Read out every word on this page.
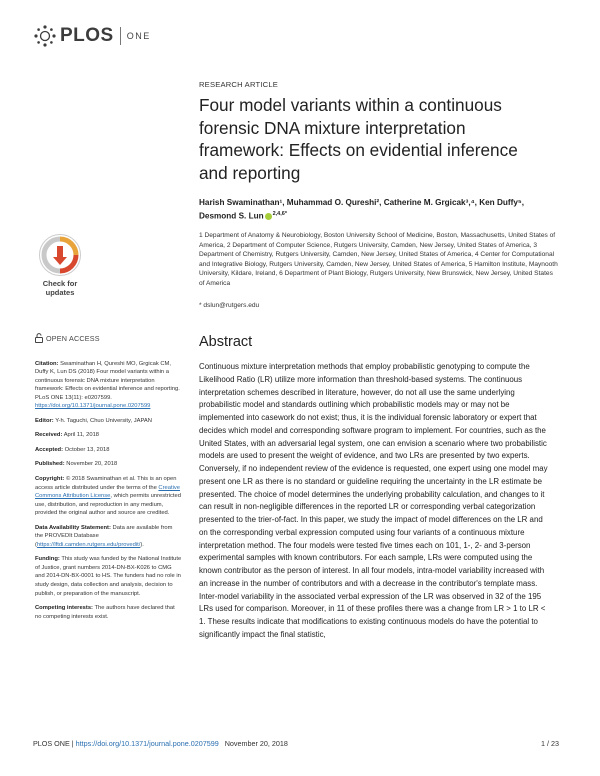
PLOS ONE
Check for
updates
OPEN ACCESS

Citation: Swaminathan H, Qureshi MO, Grgicak CM, Duffy K, Lun DS (2018) Four model variants within a continuous forensic DNA mixture interpretation framework: Effects on evidential inference and reporting. PLoS ONE 13(11): e0207599. https://doi.org/10.1371/journal.pone.0207599

Editor: Y-h. Taguchi, Chuo University, JAPAN

Received: April 11, 2018

Accepted: October 13, 2018

Published: November 20, 2018

Copyright: © 2018 Swaminathan et al. This is an open access article distributed under the terms of the Creative Commons Attribution License, which permits unrestricted use, distribution, and reproduction in any medium, provided the original author and source are credited.

Data Availability Statement: Data are available from the PROVEDIt Database (https://lftdi.camden.rutgers.edu/provedit/).

Funding: This study was funded by the National Institute of Justice, grant numbers 2014-DN-BX-K026 to CMG and 2014-DN-BX-0001 to HS. The funders had no role in study design, data collection and analysis, decision to publish, or preparation of the manuscript.

Competing interests: The authors have declared that no competing interests exist.

RESEARCH ARTICLE
Four model variants within a continuous forensic DNA mixture interpretation framework: Effects on evidential inference and reporting
Harish Swaminathan¹, Muhammad O. Qureshi², Catherine M. Grgicak³,⁴, Ken Duffy⁵,
Desmond S. Lun $^{2,4,6*}$
1 Department of Anatomy & Neurobiology, Boston University School of Medicine, Boston, Massachusetts, United States of America, 2 Department of Computer Science, Rutgers University, Camden, New Jersey, United States of America, 3 Department of Chemistry, Rutgers University, Camden, New Jersey, United States of America, 4 Center for Computational and Integrative Biology, Rutgers University, Camden, New Jersey, United States of America, 5 Hamilton Institute, Maynooth University, Kildare, Ireland, 6 Department of Plant Biology, Rutgers University, New Brunswick, New Jersey, United States of America
* dslun@rutgers.edu
Abstract
Continuous mixture interpretation methods that employ probabilistic genotyping to compute the Likelihood Ratio (LR) utilize more information than threshold-based systems. The continuous interpretation schemes described in literature, however, do not all use the same underlying probabilistic model and standards outlining which probabilistic models may or may not be implemented into casework do not exist; thus, it is the individual forensic laboratory or expert that decides which model and corresponding software program to implement. For countries, such as the United States, with an adversarial legal system, one can envision a scenario where two probabilistic models are used to present the weight of evidence, and two LRs are presented by two experts. Conversely, if no independent review of the evidence is requested, one expert using one model may present one LR as there is no standard or guideline requiring the uncertainty in the LR estimate be presented. The choice of model determines the underlying probability calculation, and changes to it can result in non-negligible differences in the reported LR or corresponding verbal categorization presented to the trier-of-fact. In this paper, we study the impact of model differences on the LR and on the corresponding verbal expression computed using four variants of a continuous mixture interpretation method. The four models were tested five times each on 101, 1-, 2- and 3-person experimental samples with known contributors. For each sample, LRs were computed using the known contributor as the person of interest. In all four models, intra-model variability increased with an increase in the number of contributors and with a decrease in the contributor's template mass. Inter-model variability in the associated verbal expression of the LR was observed in 32 of the 195 LRs used for comparison. Moreover, in 11 of these profiles there was a change from LR > 1 to LR < 1. These results indicate that modifications to existing continuous models do have the potential to significantly impact the final statistic,
PLOS ONE | https://doi.org/10.1371/journal.pone.0207599 November 20, 2018	1 / 23
